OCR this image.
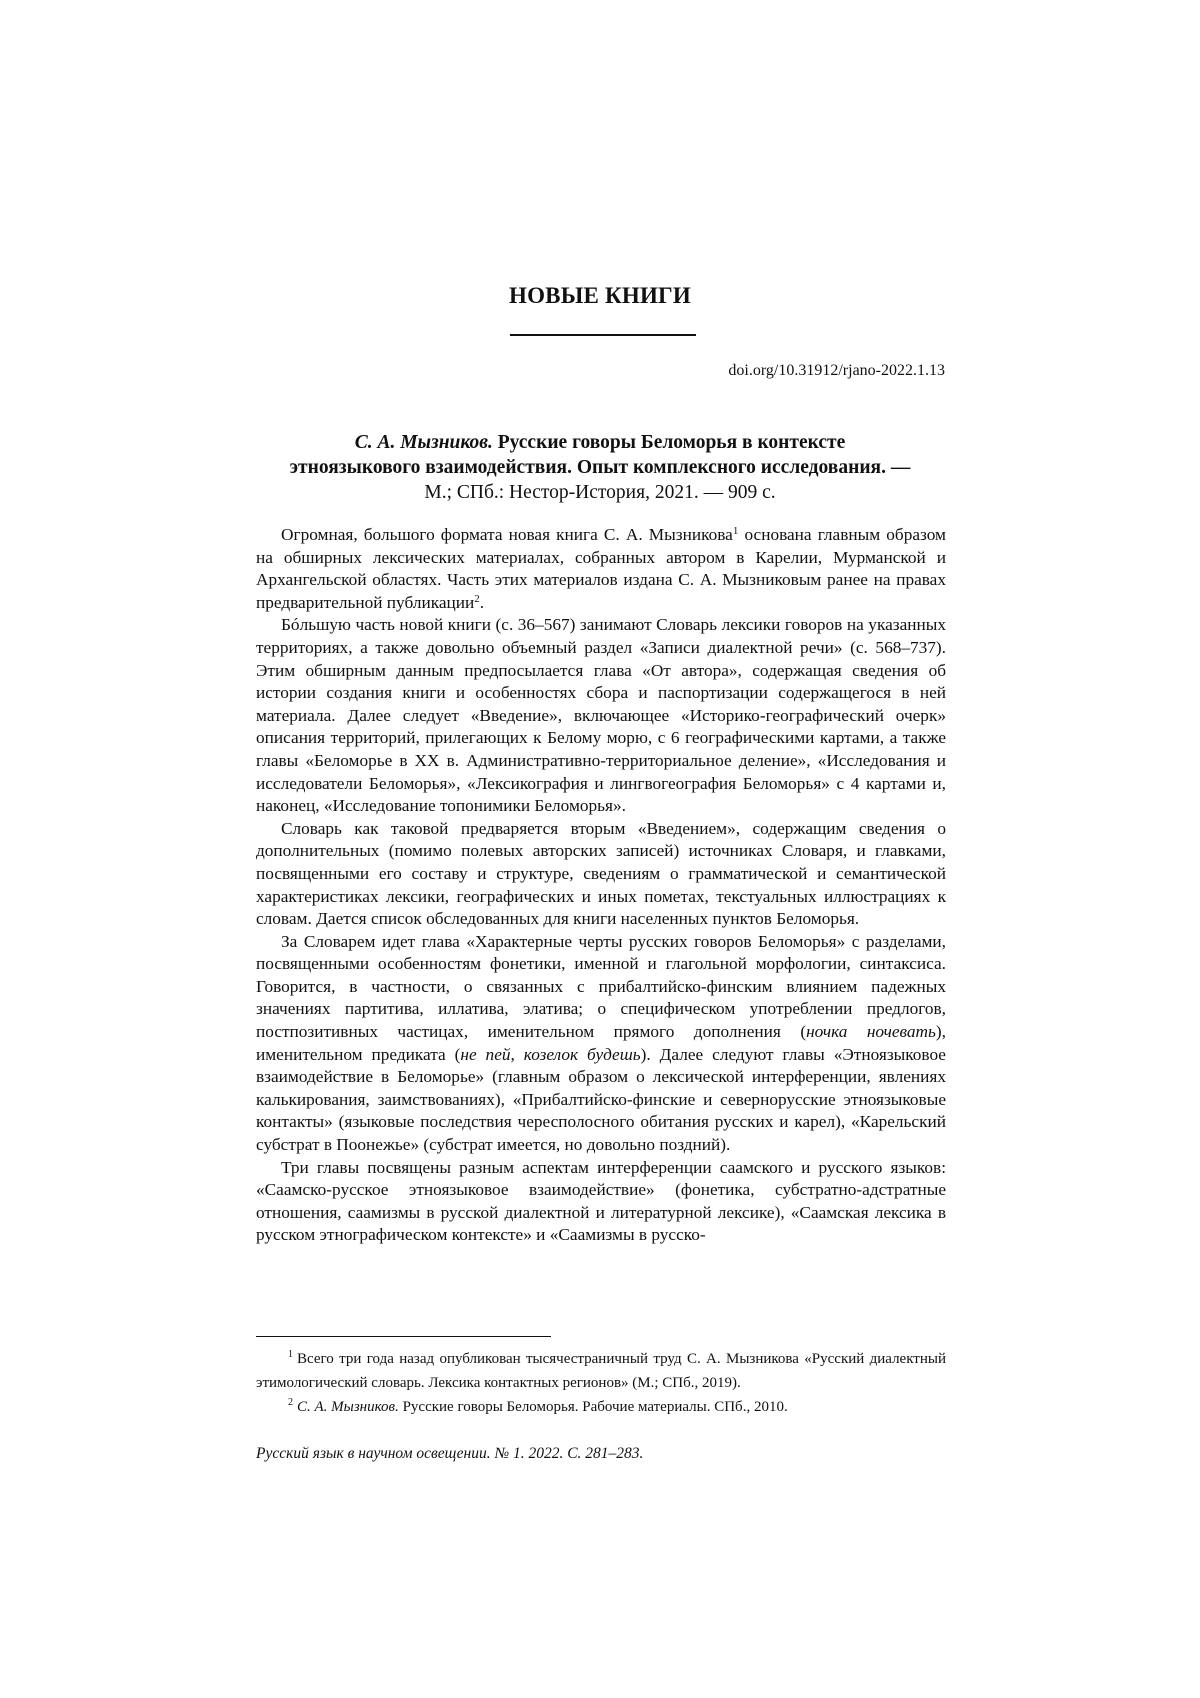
НОВЫЕ КНИГИ
doi.org/10.31912/rjano-2022.1.13
С. А. Мызников. Русские говоры Беломорья в контексте
этноязыкового взаимодействия. Опыт комплексного исследования. —
М.; СПб.: Нестор-История, 2021. — 909 с.

Огромная, большого формата новая книга С. А. Мызникова$^1$ основана главным образом на обширных лексических материалах, собранных автором в Карелии, Мурманской и Архангельской областях. Часть этих материалов издана С. А. Мызниковым ранее на правах предварительной публикации$^2$.

Бóльшую часть новой книги (с. 36–567) занимают Словарь лексики говоров на указанных территориях, а также довольно объемный раздел «Записи диалектной речи» (с. 568–737). Этим обширным данным предпосылается глава «От автора», содержащая сведения об истории создания книги и особенностях сбора и паспортизации содержащегося в ней материала. Далее следует «Введение», включающее «Историко-географический очерк» описания территорий, прилегающих к Белому морю, с 6 географическими картами, а также главы «Беломорье в XX в. Административно-территориальное деление», «Исследования и исследователи Беломорья», «Лексикография и лингвогеография Беломорья» с 4 картами и, наконец, «Исследование топонимики Беломорья».

Словарь как таковой предваряется вторым «Введением», содержащим сведения о дополнительных (помимо полевых авторских записей) источниках Словаря, и главками, посвященными его составу и структуре, сведениям о грамматической и семантической характеристиках лексики, географических и иных пометах, текстуальных иллюстрациях к словам. Дается список обследованных для книги населенных пунктов Беломорья.

За Словарем идет глава «Характерные черты русских говоров Беломорья» с разделами, посвященными особенностям фонетики, именной и глагольной морфологии, синтаксиса. Говорится, в частности, о связанных с прибалтийско-финским влиянием падежных значениях партитива, иллатива, элатива; о специфическом употреблении предлогов, постпозитивных частицах, именительном прямого дополнения (ночка ночевать), именительном предиката (не пей, козелок будешь). Далее следуют главы «Этноязыковое взаимодействие в Беломорье» (главным образом о лексической интерференции, явлениях калькирования, заимствованиях), «Прибалтийско-финские и севернорусские этноязыковые контакты» (языковые последствия чересполосного обитания русских и карел), «Карельский субстрат в Поонежье» (субстрат имеется, но довольно поздний).

Три главы посвящены разным аспектам интерференции саамского и русского языков: «Саамско-русское этноязыковое взаимодействие» (фонетика, субстратно-адстратные отношения, саамизмы в русской диалектной и литературной лексике), «Саамская лексика в русском этнографическом контексте» и «Саамизмы в русско-

$^1$ Всего три года назад опубликован тысячестраничный труд С. А. Мызникова «Русский диалектный этимологический словарь. Лексика контактных регионов» (М.; СПб., 2019).

$^2$ С. А. Мызников. Русские говоры Беломорья. Рабочие материалы. СПб., 2010.

Русский язык в научном освещении. № 1. 2022. С. 281–283.
